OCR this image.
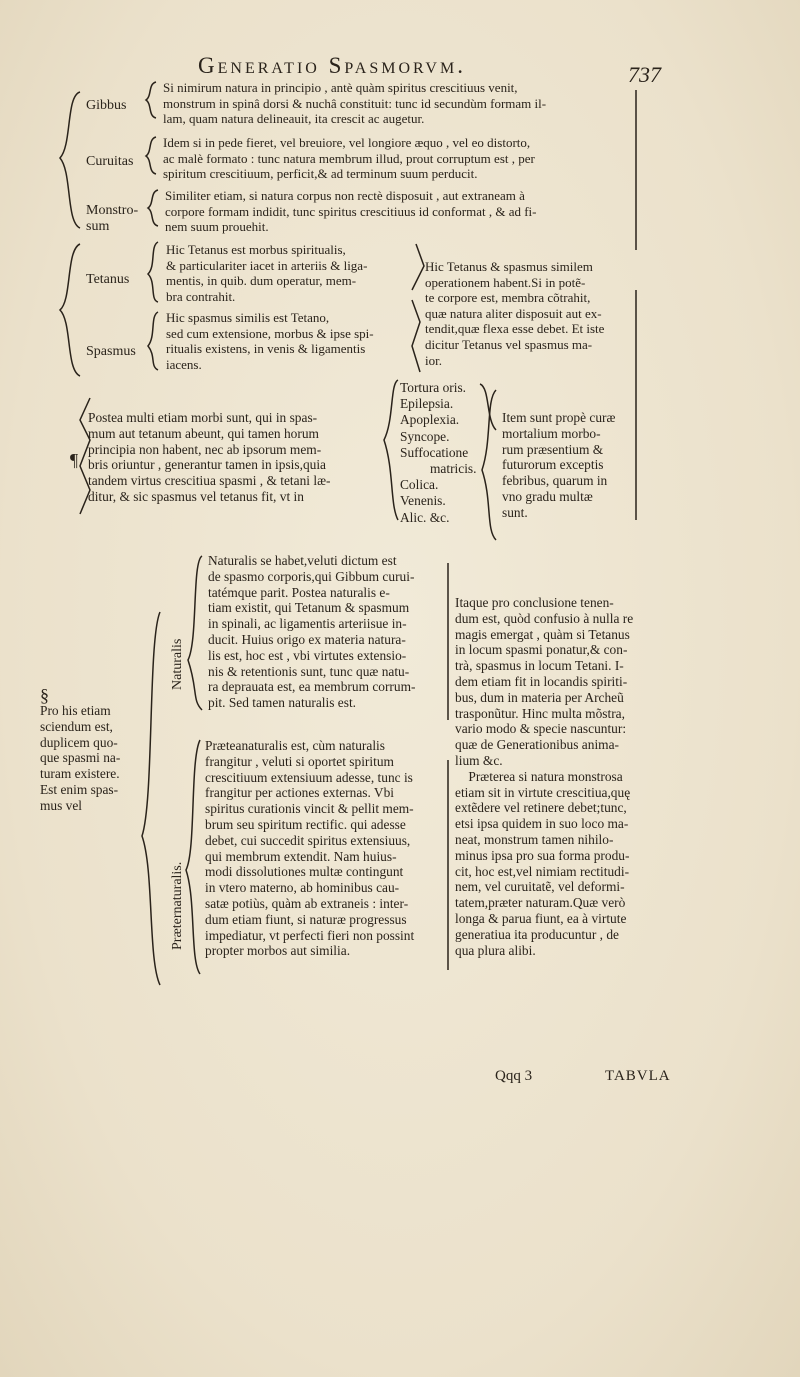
Generatio Spasmorvm.	737
Gibbus
Si nimirum natura in principio , antè quàm spiritus crescitiuus venit,
monstrum in spinâ dorsi & nuchâ constituit: tunc id secundùm formam il-
lam, quam natura delineauit, ita crescit ac augetur.
Curuitas
Idem si in pede fieret, vel breuiore, vel longiore æquo , vel eo distorto,
ac malè formato : tunc natura membrum illud, prout corruptum est , per
spiritum crescitiuum, perficit,& ad terminum suum perducit.
Monstro-
sum
Similiter etiam, si natura corpus non rectè disposuit , aut extraneam à
corpore formam indidit, tunc spiritus crescitiuus id conformat , & ad fi-
nem suum prouehit.
Tetanus
Hic Tetanus est morbus spiritualis,
& particulariter iacet in arteriis & liga-
mentis, in quib. dum operatur, mem-
bra contrahit.
Spasmus
Hic spasmus similis est Tetano,
sed cum extensione, morbus & ipse spi-
ritualis existens, in venis & ligamentis
iacens.
Hic Tetanus & spasmus similem
operationem habent.Si in potẽ-
te corpore est, membra cõtrahit,
quæ natura aliter disposuit aut ex-
tendit,quæ flexa esse debet. Et iste
dicitur Tetanus vel spasmus ma-
ior.
¶
Postea multi etiam morbi sunt, qui in spas-
mum aut tetanum abeunt, qui tamen horum
principia non habent, nec ab ipsorum mem-
bris oriuntur , generantur tamen in ipsis,quia
tandem virtus crescitiua spasmi , & tetani læ-
ditur, & sic spasmus vel tetanus fit, vt in
Tortura oris.
Epilepsia.
Apoplexia.
Syncope.
Suffocatione
matricis.
Colica.
Venenis.
Alic. &c.
Item sunt propè curæ
mortalium morbo-
rum præsentium &
futurorum exceptis
febribus, quarum in
vno gradu multæ
sunt.
§
Pro his etiam
sciendum est,
duplicem quo-
que spasmi na-
turam existere.
Est enim spas-
mus vel
Naturalis
Naturalis se habet,veluti dictum est
de spasmo corporis,qui Gibbum curui-
tatémque parit. Postea naturalis e-
tiam existit, qui Tetanum & spasmum
in spinali, ac ligamentis arteriisue in-
ducit. Huius origo ex materia natura-
lis est, hoc est , vbi virtutes extensio-
nis & retentionis sunt, tunc quæ natu-
ra deprauata est, ea membrum corrum-
pit. Sed tamen naturalis est.
Præternaturalis.
Præteanaturalis est, cùm naturalis
frangitur , veluti si oportet spiritum
crescitiuum extensiuum adesse, tunc is
frangitur per actiones externas. Vbi
spiritus curationis vincit & pellit mem-
brum seu spiritum rectific. qui adesse
debet, cui succedit spiritus extensiuus,
qui membrum extendit. Nam huius-
modi dissolutiones multæ contingunt
in vtero materno, ab hominibus cau-
satæ potiùs, quàm ab extraneis : inter-
dum etiam fiunt, si naturæ progressus
impediatur, vt perfecti fieri non possint
propter morbos aut similia.
Itaque pro conclusione tenen-
dum est, quòd confusio à nulla re
magis emergat , quàm si Tetanus
in locum spasmi ponatur,& con-
trà, spasmus in locum Tetani. I-
dem etiam fit in locandis spiriti-
bus, dum in materia per Archeũ
trasponũtur. Hinc multa mõstra,
vario modo & specie nascuntur:
quæ de Generationibus anima-
lium &c.
Præterea si natura monstrosa
etiam sit in virtute crescitiua,quę
extẽdere vel retinere debet;tunc,
etsi ipsa quidem in suo loco ma-
neat, monstrum tamen nihilo-
minus ipsa pro sua forma produ-
cit, hoc est,vel nimiam rectitudi-
nem, vel curuitatẽ, vel deformi-
tatem,præter naturam.Quæ verò
longa & parua fiunt, ea à virtute
generatiua ita producuntur , de
qua plura alibi.
Qqq 3	TABVLA
